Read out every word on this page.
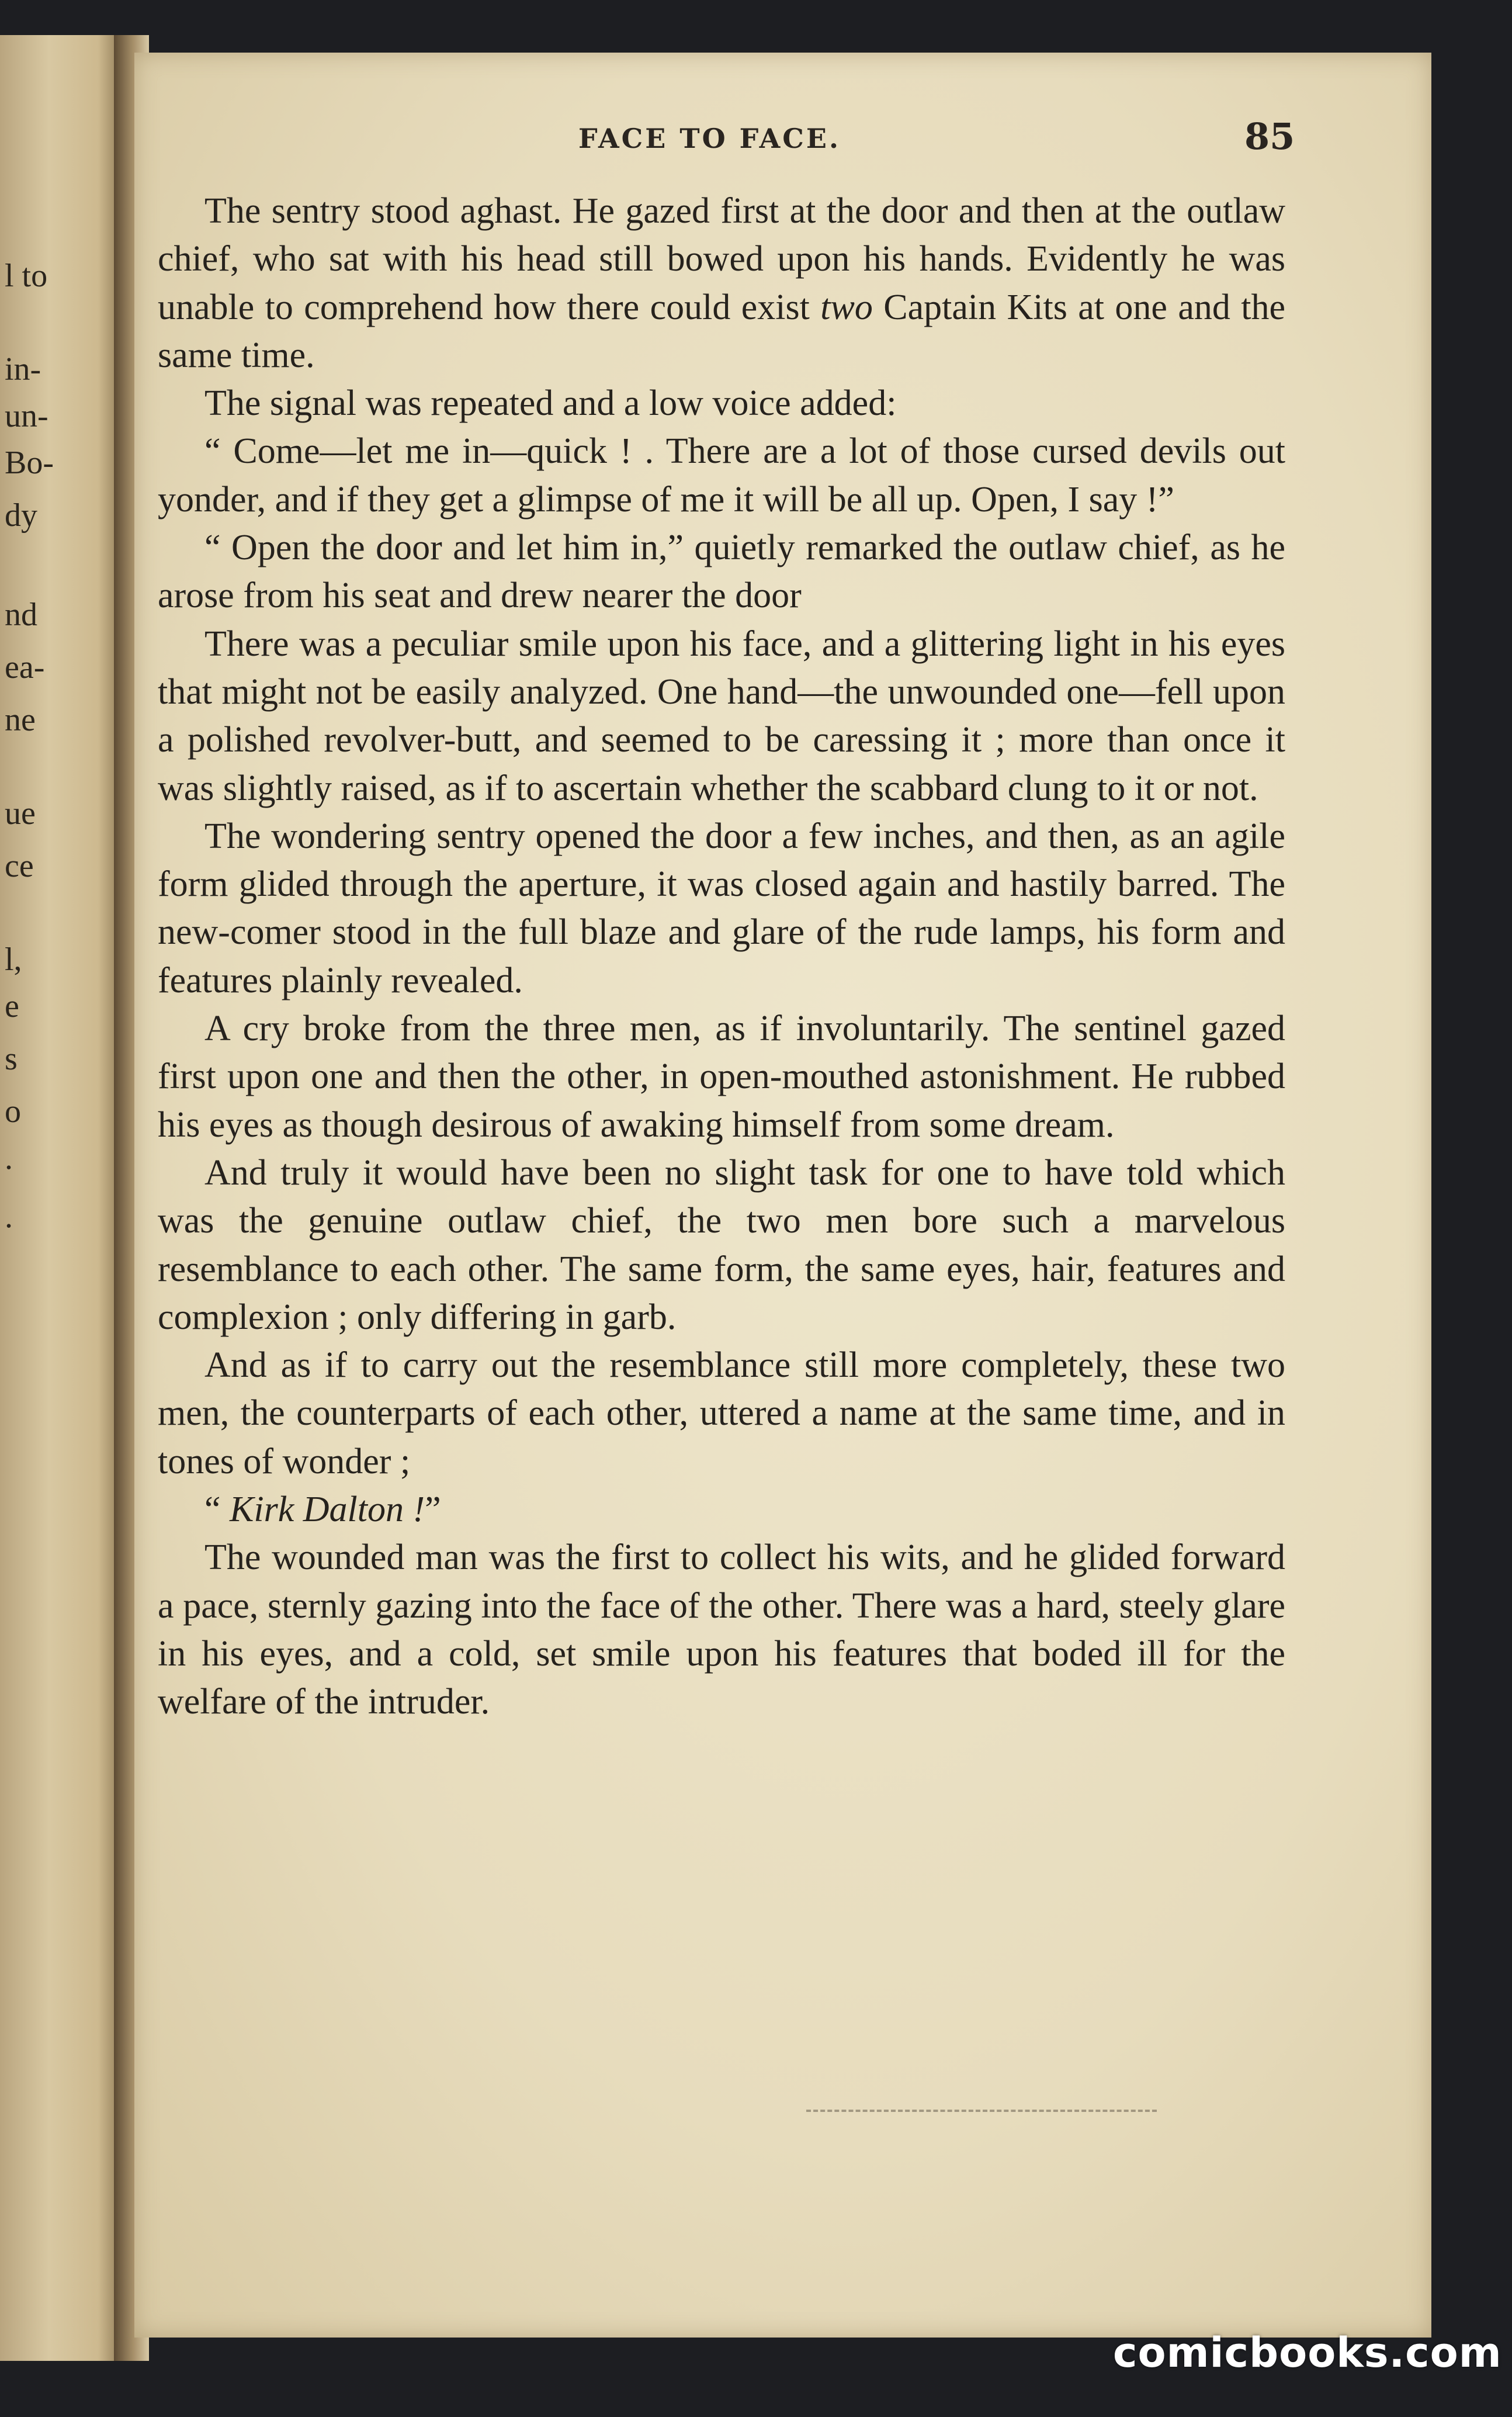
l to
in-
un-
Bo-
dy
nd
ea-
ne
ue
ce
l,
e
s
o
.
.
FACE TO FACE.	85

The sentry stood aghast. He gazed first at the door and then at the outlaw chief, who sat with his head still bowed upon his hands. Evidently he was unable to comprehend how there could exist two Captain Kits at one and the same time.

The signal was repeated and a low voice added:

“ Come—let me in—quick ! . There are a lot of those cursed devils out yonder, and if they get a glimpse of me it will be all up. Open, I say !”

“ Open the door and let him in,” quietly remarked the outlaw chief, as he arose from his seat and drew nearer the door

There was a peculiar smile upon his face, and a glittering light in his eyes that might not be easily analyzed. One hand—the unwounded one—fell upon a polished revolver-butt, and seemed to be caressing it ; more than once it was slightly raised, as if to ascertain whether the scabbard clung to it or not.

The wondering sentry opened the door a few inches, and then, as an agile form glided through the aperture, it was closed again and hastily barred. The new-comer stood in the full blaze and glare of the rude lamps, his form and features plainly revealed.

A cry broke from the three men, as if involuntarily. The sentinel gazed first upon one and then the other, in open-mouthed astonishment. He rubbed his eyes as though desirous of awaking himself from some dream.

And truly it would have been no slight task for one to have told which was the genuine outlaw chief, the two men bore such a marvelous resemblance to each other. The same form, the same eyes, hair, features and complexion ; only differing in garb.

And as if to carry out the resemblance still more completely, these two men, the counterparts of each other, uttered a name at the same time, and in tones of wonder ;

“ Kirk Dalton !”

The wounded man was the first to collect his wits, and he glided forward a pace, sternly gazing into the face of the other. There was a hard, steely glare in his eyes, and a cold, set smile upon his features that boded ill for the welfare of the intruder.

comicbooks.com
